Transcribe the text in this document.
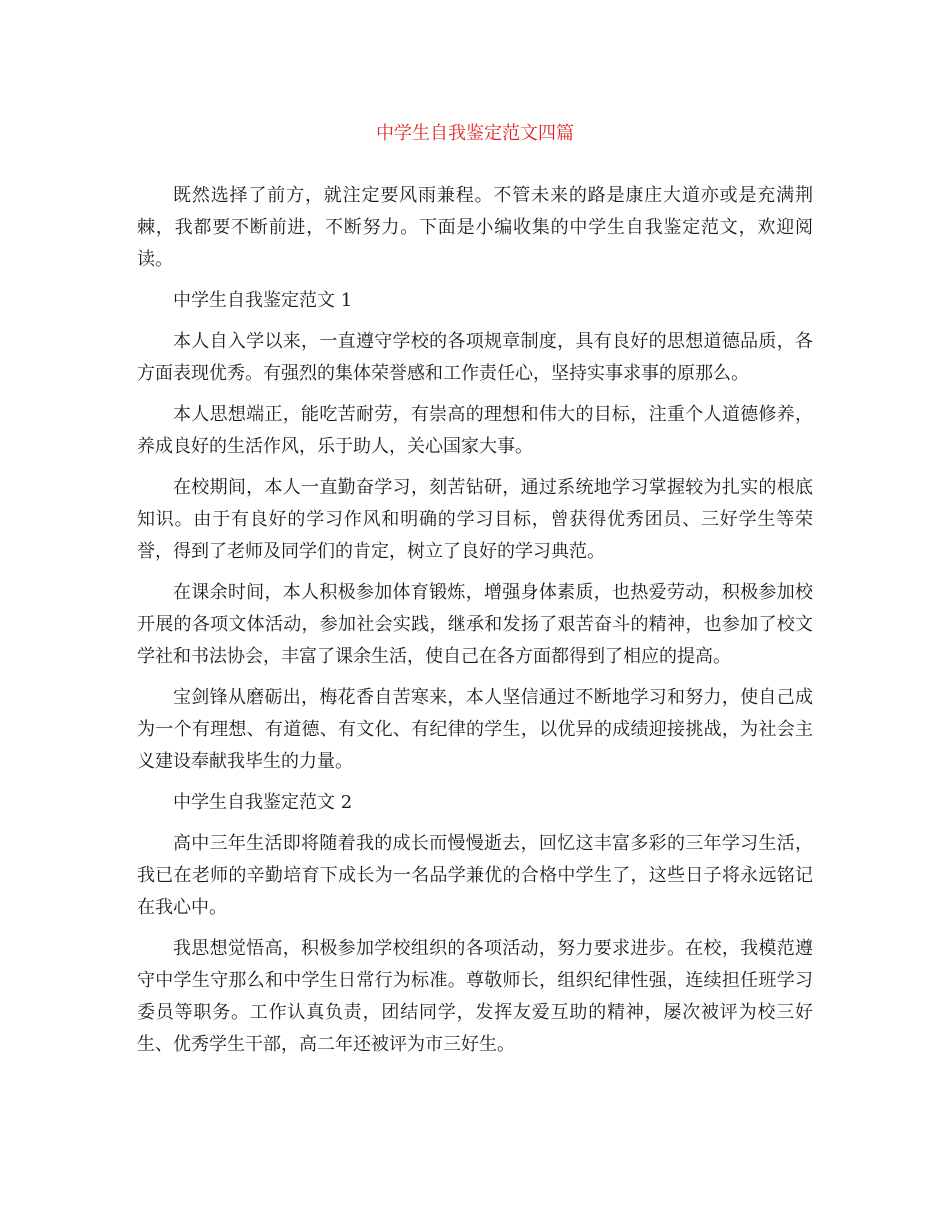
中学生自我鉴定范文四篇

既然选择了前方，就注定要风雨兼程。不管未来的路是康庄大道亦或是充满荆棘，我都要不断前进，不断努力。下面是小编收集的中学生自我鉴定范文，欢迎阅读。

中学生自我鉴定范文 1

本人自入学以来，一直遵守学校的各项规章制度，具有良好的思想道德品质，各方面表现优秀。有强烈的集体荣誉感和工作责任心，坚持实事求事的原那么。

本人思想端正，能吃苦耐劳，有崇高的理想和伟大的目标，注重个人道德修养，养成良好的生活作风，乐于助人，关心国家大事。

在校期间，本人一直勤奋学习，刻苦钻研，通过系统地学习掌握较为扎实的根底知识。由于有良好的学习作风和明确的学习目标，曾获得优秀团员、三好学生等荣誉，得到了老师及同学们的肯定，树立了良好的学习典范。

在课余时间，本人积极参加体育锻炼，增强身体素质，也热爱劳动，积极参加校开展的各项文体活动，参加社会实践，继承和发扬了艰苦奋斗的精神，也参加了校文学社和书法协会，丰富了课余生活，使自己在各方面都得到了相应的提高。

宝剑锋从磨砺出，梅花香自苦寒来，本人坚信通过不断地学习和努力，使自己成为一个有理想、有道德、有文化、有纪律的学生，以优异的成绩迎接挑战，为社会主义建设奉献我毕生的力量。

中学生自我鉴定范文 2

高中三年生活即将随着我的成长而慢慢逝去，回忆这丰富多彩的三年学习生活，我已在老师的辛勤培育下成长为一名品学兼优的合格中学生了，这些日子将永远铭记在我心中。

我思想觉悟高，积极参加学校组织的各项活动，努力要求进步。在校，我模范遵守中学生守那么和中学生日常行为标准。尊敬师长，组织纪律性强，连续担任班学习委员等职务。工作认真负责，团结同学，发挥友爱互助的精神，屡次被评为校三好生、优秀学生干部，高二年还被评为市三好生。
